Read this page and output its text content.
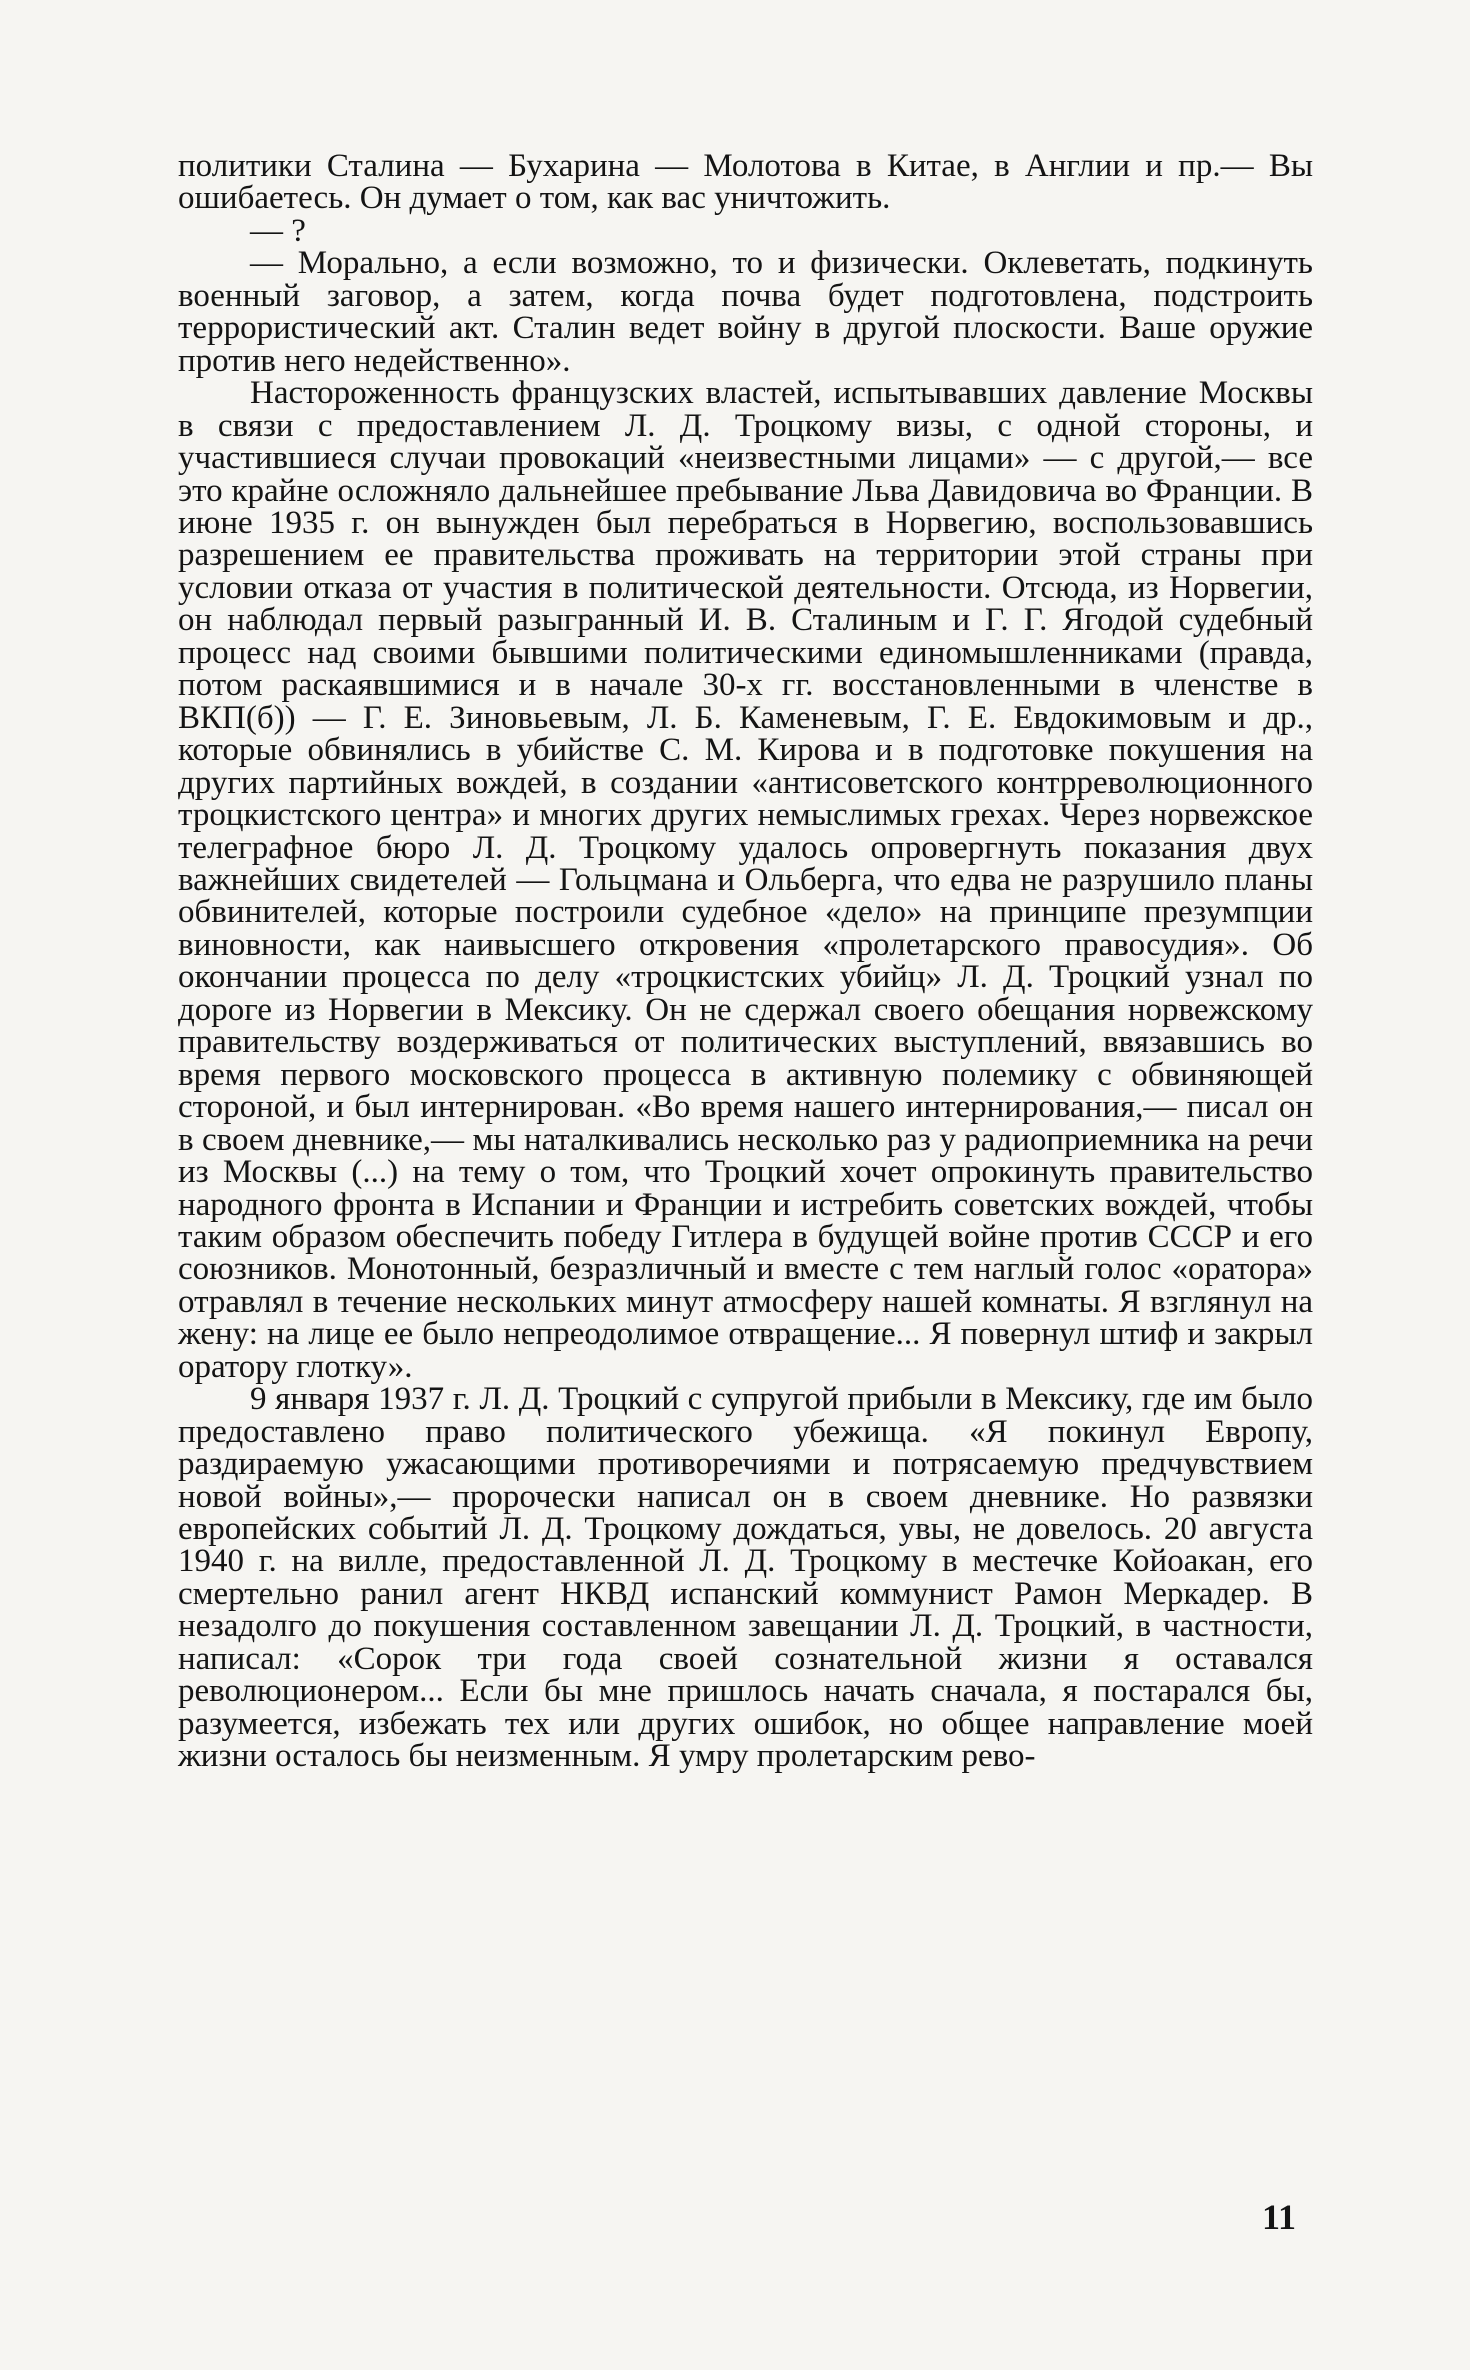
политики Сталина — Бухарина — Молотова в Китае, в Англии и пр.— Вы ошибаетесь. Он думает о том, как вас уничтожить.

— ?

— Морально, а если возможно, то и физически. Оклеветать, подкинуть военный заговор, а затем, когда почва будет подготовлена, подстроить террористический акт. Сталин ведет войну в другой плоскости. Ваше оружие против него недейственно».

Настороженность французских властей, испытывавших давление Москвы в связи с предоставлением Л. Д. Троцкому визы, с одной стороны, и участившиеся случаи провокаций «неизвестными лицами» — с другой,— все это крайне осложняло дальнейшее пребывание Льва Давидовича во Франции. В июне 1935 г. он вынужден был перебраться в Норвегию, воспользовавшись разрешением ее правительства проживать на территории этой страны при условии отказа от участия в политической деятельности. Отсюда, из Норвегии, он наблюдал первый разыгранный И. В. Сталиным и Г. Г. Ягодой судебный процесс над своими бывшими политическими единомышленниками (правда, потом раскаявшимися и в начале 30-х гг. восстановленными в членстве в ВКП(б)) — Г. Е. Зиновьевым, Л. Б. Каменевым, Г. Е. Евдокимовым и др., которые обвинялись в убийстве С. М. Кирова и в подготовке покушения на других партийных вождей, в создании «антисоветского контрреволюционного троцкистского центра» и многих других немыслимых грехах. Через норвежское телеграфное бюро Л. Д. Троцкому удалось опровергнуть показания двух важнейших свидетелей — Гольцмана и Ольберга, что едва не разрушило планы обвинителей, которые построили судебное «дело» на принципе презумпции виновности, как наивысшего откровения «пролетарского правосудия». Об окончании процесса по делу «троцкистских убийц» Л. Д. Троцкий узнал по дороге из Норвегии в Мексику. Он не сдержал своего обещания норвежскому правительству воздерживаться от политических выступлений, ввязавшись во время первого московского процесса в активную полемику с обвиняющей стороной, и был интернирован. «Во время нашего интернирования,— писал он в своем дневнике,— мы наталкивались несколько раз у радиоприемника на речи из Москвы (...) на тему о том, что Троцкий хочет опрокинуть правительство народного фронта в Испании и Франции и истребить советских вождей, чтобы таким образом обеспечить победу Гитлера в будущей войне против СССР и его союзников. Монотонный, безразличный и вместе с тем наглый голос «оратора» отравлял в течение нескольких минут атмосферу нашей комнаты. Я взглянул на жену: на лице ее было непреодолимое отвращение... Я повернул штиф и закрыл оратору глотку».

9 января 1937 г. Л. Д. Троцкий с супругой прибыли в Мексику, где им было предоставлено право политического убежища. «Я покинул Европу, раздираемую ужасающими противоречиями и потрясаемую предчувствием новой войны»,— пророчески написал он в своем дневнике. Но развязки европейских событий Л. Д. Троцкому дождаться, увы, не довелось. 20 августа 1940 г. на вилле, предоставленной Л. Д. Троцкому в местечке Койоакан, его смертельно ранил агент НКВД испанский коммунист Рамон Меркадер. В незадолго до покушения составленном завещании Л. Д. Троцкий, в частности, написал: «Сорок три года своей сознательной жизни я оставался революционером... Если бы мне пришлось начать сначала, я постарался бы, разумеется, избежать тех или других ошибок, но общее направление моей жизни осталось бы неизменным. Я умру пролетарским рево-

11
